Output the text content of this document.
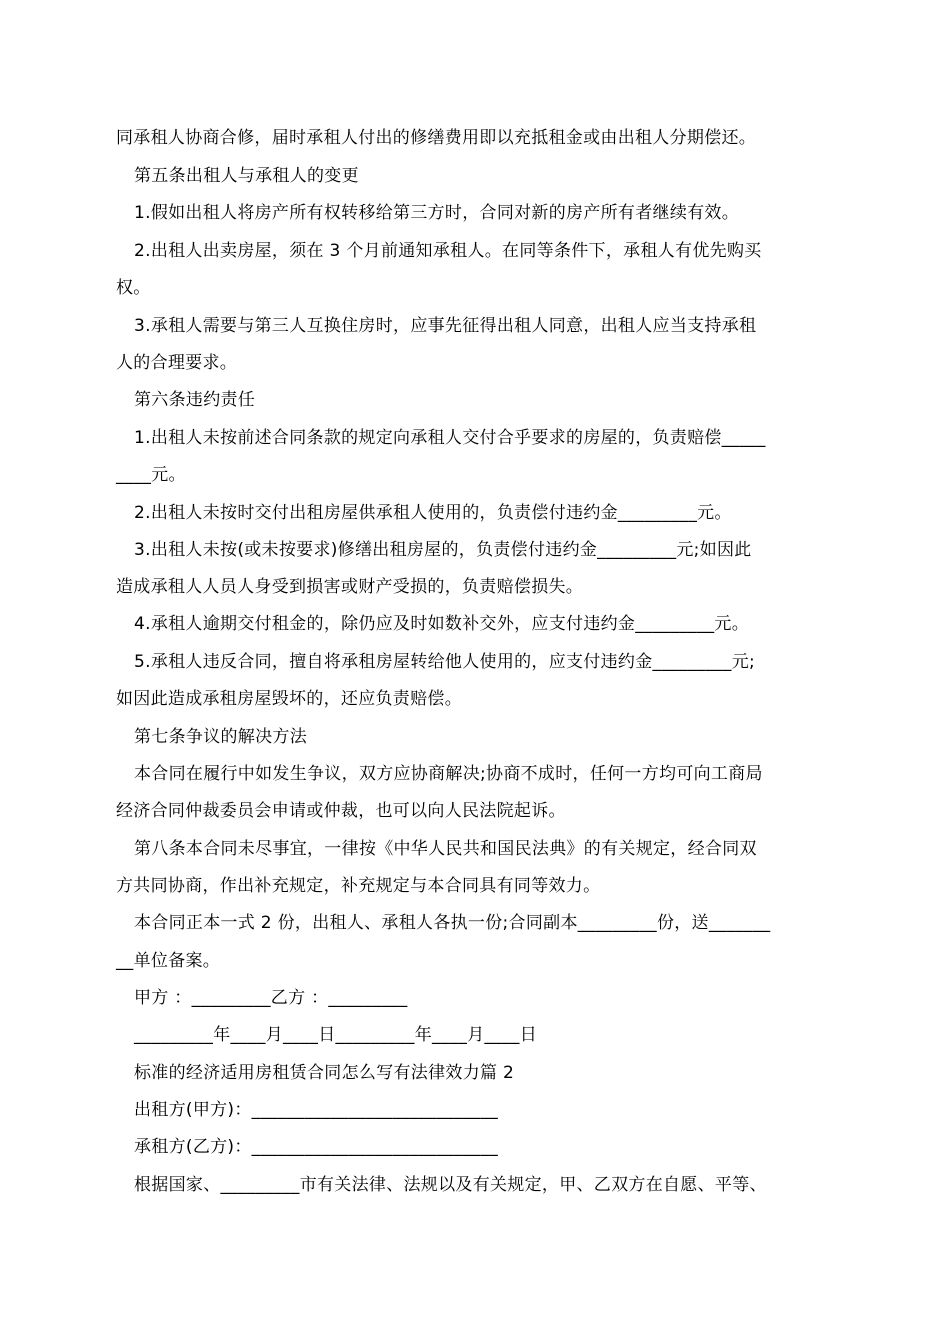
同承租人协商合修，届时承租人付出的修缮费用即以充抵租金或由出租人分期偿还。
第五条出租人与承租人的变更
1.假如出租人将房产所有权转移给第三方时，合同对新的房产所有者继续有效。
2.出租人出卖房屋，须在 3 个月前通知承租人。在同等条件下，承租人有优先购买
权。
3.承租人需要与第三人互换住房时，应事先征得出租人同意，出租人应当支持承租
人的合理要求。
第六条违约责任
1.出租人未按前述合同条款的规定向承租人交付合乎要求的房屋的，负责赔偿_____
____元。
2.出租人未按时交付出租房屋供承租人使用的，负责偿付违约金_________元。
3.出租人未按(或未按要求)修缮出租房屋的，负责偿付违约金_________元;如因此
造成承租人人员人身受到损害或财产受损的，负责赔偿损失。
4.承租人逾期交付租金的，除仍应及时如数补交外，应支付违约金_________元。
5.承租人违反合同，擅自将承租房屋转给他人使用的，应支付违约金_________元;
如因此造成承租房屋毁坏的，还应负责赔偿。
第七条争议的解决方法
本合同在履行中如发生争议，双方应协商解决;协商不成时，任何一方均可向工商局
经济合同仲裁委员会申请或仲裁，也可以向人民法院起诉。
第八条本合同未尽事宜，一律按《中华人民共和国民法典》的有关规定，经合同双
方共同协商，作出补充规定，补充规定与本合同具有同等效力。
本合同正本一式 2 份，出租人、承租人各执一份;合同副本_________份，送_______
__单位备案。
甲方 ：_________乙方 ：_________
_________年____月____日_________年____月____日
标准的经济适用房租赁合同怎么写有法律效力篇 2
出租方(甲方)：____________________________
承租方(乙方)：____________________________
根据国家、_________市有关法律、法规以及有关规定，甲、乙双方在自愿、平等、
